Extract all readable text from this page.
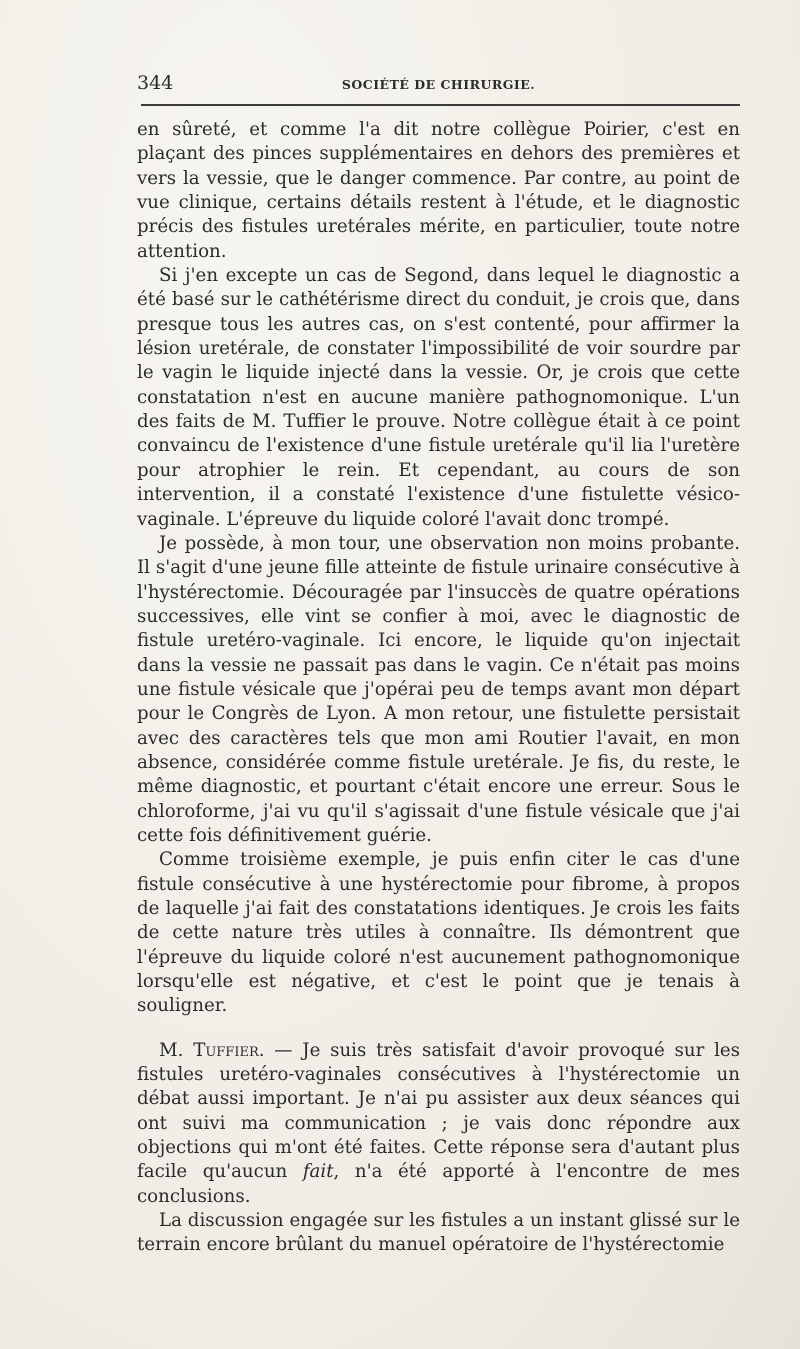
344	SOCIÉTÉ DE CHIRURGIE.

en sûreté, et comme l'a dit notre collègue Poirier, c'est en plaçant des pinces supplémentaires en dehors des premières et vers la vessie, que le danger commence. Par contre, au point de vue clinique, certains détails restent à l'étude, et le diagnostic précis des fistules uretérales mérite, en particulier, toute notre attention.

Si j'en excepte un cas de Segond, dans lequel le diagnostic a été basé sur le cathétérisme direct du conduit, je crois que, dans presque tous les autres cas, on s'est contenté, pour affirmer la lésion uretérale, de constater l'impossibilité de voir sourdre par le vagin le liquide injecté dans la vessie. Or, je crois que cette constatation n'est en aucune manière pathognomonique. L'un des faits de M. Tuffier le prouve. Notre collègue était à ce point convaincu de l'existence d'une fistule uretérale qu'il lia l'uretère pour atrophier le rein. Et cependant, au cours de son intervention, il a constaté l'existence d'une fistulette vésico-vaginale. L'épreuve du liquide coloré l'avait donc trompé.

Je possède, à mon tour, une observation non moins probante. Il s'agit d'une jeune fille atteinte de fistule urinaire consécutive à l'hystérectomie. Découragée par l'insuccès de quatre opérations successives, elle vint se confier à moi, avec le diagnostic de fistule uretéro-vaginale. Ici encore, le liquide qu'on injectait dans la vessie ne passait pas dans le vagin. Ce n'était pas moins une fistule vésicale que j'opérai peu de temps avant mon départ pour le Congrès de Lyon. A mon retour, une fistulette persistait avec des caractères tels que mon ami Routier l'avait, en mon absence, considérée comme fistule uretérale. Je fis, du reste, le même diagnostic, et pourtant c'était encore une erreur. Sous le chloroforme, j'ai vu qu'il s'agissait d'une fistule vésicale que j'ai cette fois définitivement guérie.

Comme troisième exemple, je puis enfin citer le cas d'une fistule consécutive à une hystérectomie pour fibrome, à propos de laquelle j'ai fait des constatations identiques. Je crois les faits de cette nature très utiles à connaître. Ils démontrent que l'épreuve du liquide coloré n'est aucunement pathognomonique lorsqu'elle est négative, et c'est le point que je tenais à souligner.

M. Tuffier. — Je suis très satisfait d'avoir provoqué sur les fistules uretéro-vaginales consécutives à l'hystérectomie un débat aussi important. Je n'ai pu assister aux deux séances qui ont suivi ma communication ; je vais donc répondre aux objections qui m'ont été faites. Cette réponse sera d'autant plus facile qu'aucun fait, n'a été apporté à l'encontre de mes conclusions.

La discussion engagée sur les fistules a un instant glissé sur le terrain encore brûlant du manuel opératoire de l'hystérectomie
